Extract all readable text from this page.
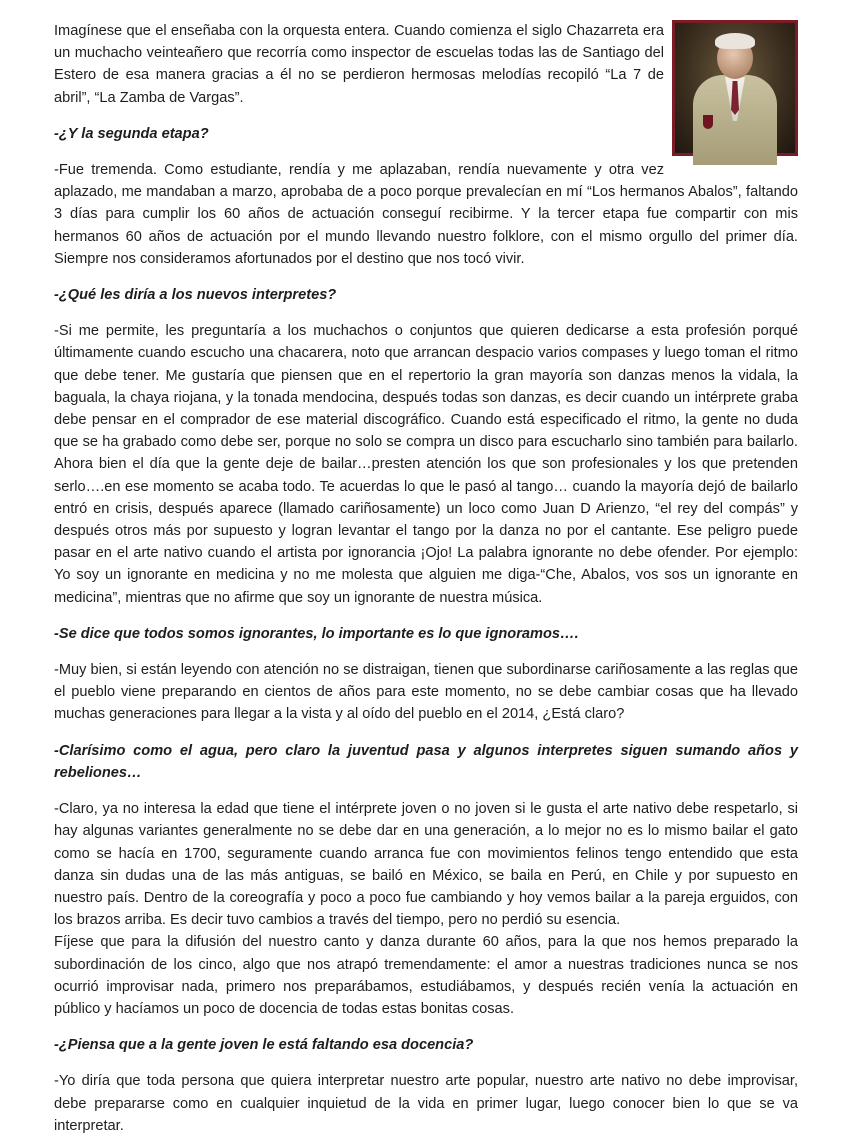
Imagínese que el enseñaba con la orquesta entera. Cuando comienza el siglo Chazarreta era un muchacho veinteañero que recorría como inspector de escuelas todas las de Santiago del Estero de esa manera gracias a él no se perdieron hermosas melodías recopiló “La 7 de abril”, “La Zamba de Vargas”.

-¿Y la segunda etapa?

-Fue tremenda. Como estudiante, rendía y me aplazaban, rendía nuevamente y otra vez aplazado, me mandaban a marzo, aprobaba de a poco porque prevalecían en mí “Los hermanos Abalos”, faltando 3 días para cumplir los 60 años de actuación conseguí recibirme. Y la tercer etapa fue compartir con mis hermanos 60 años de actuación por el mundo llevando nuestro folklore, con el mismo orgullo del primer día. Siempre nos consideramos afortunados por el destino que nos tocó vivir.

-¿Qué les diría a los nuevos interpretes?

-Si me permite, les preguntaría a los muchachos o conjuntos que quieren dedicarse a esta profesión porqué últimamente cuando escucho una chacarera, noto que arrancan despacio varios compases y luego toman el ritmo que debe tener. Me gustaría que piensen que en el repertorio la gran mayoría son danzas menos la vidala, la baguala, la chaya riojana, y la tonada mendocina, después todas son danzas, es decir cuando un intérprete graba debe pensar en el comprador de ese material discográfico. Cuando está especificado el ritmo, la gente no duda que se ha grabado como debe ser, porque no solo se compra un disco para escucharlo sino también para bailarlo. Ahora bien el día que la gente deje de bailar…presten atención los que son profesionales y los que pretenden serlo….en ese momento se acaba todo. Te acuerdas lo que le pasó al tango… cuando la mayoría dejó de bailarlo entró en crisis, después aparece (llamado cariñosamente) un loco como Juan D Arienzo, “el rey del compás” y después otros más por supuesto y logran levantar el tango por la danza no por el cantante. Ese peligro puede pasar en el arte nativo cuando el artista por ignorancia ¡Ojo! La palabra ignorante no debe ofender. Por ejemplo: Yo soy un ignorante en medicina y no me molesta que alguien me diga-“Che, Abalos, vos sos un ignorante en medicina”, mientras que no afirme que soy un ignorante de nuestra música.

-Se dice que todos somos ignorantes, lo importante es lo que ignoramos….

-Muy bien, si están leyendo con atención no se distraigan, tienen que subordinarse cariñosamente a las reglas que el pueblo viene preparando en cientos de años para este momento, no se debe cambiar cosas que ha llevado muchas generaciones para llegar a la vista y al oído del pueblo en el 2014, ¿Está claro?

-Clarísimo como el agua, pero claro la juventud pasa y algunos interpretes siguen sumando años y rebeliones…

-Claro, ya no interesa la edad que tiene el intérprete joven o no joven si le gusta el arte nativo debe respetarlo, si hay algunas variantes generalmente no se debe dar en una generación, a lo mejor no es lo mismo bailar el gato como se hacía en 1700, seguramente cuando arranca fue con movimientos felinos tengo entendido que esta danza sin dudas una de las más antiguas, se bailó en México, se baila en Perú, en Chile y por supuesto en nuestro país. Dentro de la coreografía y poco a poco fue cambiando y hoy vemos bailar a la pareja erguidos, con los brazos arriba. Es decir tuvo cambios a través del tiempo, pero no perdió su esencia.

Fíjese que para la difusión del nuestro canto y danza durante 60 años, para la que nos hemos preparado la subordinación de los cinco, algo que nos atrapó tremendamente: el amor a nuestras tradiciones nunca se nos ocurrió improvisar nada, primero nos preparábamos, estudiábamos, y después recién venía la actuación en público y hacíamos un poco de docencia de todas estas bonitas cosas.

-¿Piensa que a la gente joven le está faltando esa docencia?

-Yo diría que toda persona que quiera interpretar nuestro arte popular, nuestro arte nativo no debe improvisar, debe prepararse como en cualquier inquietud de la vida en primer lugar, luego conocer bien lo que se va interpretar.
